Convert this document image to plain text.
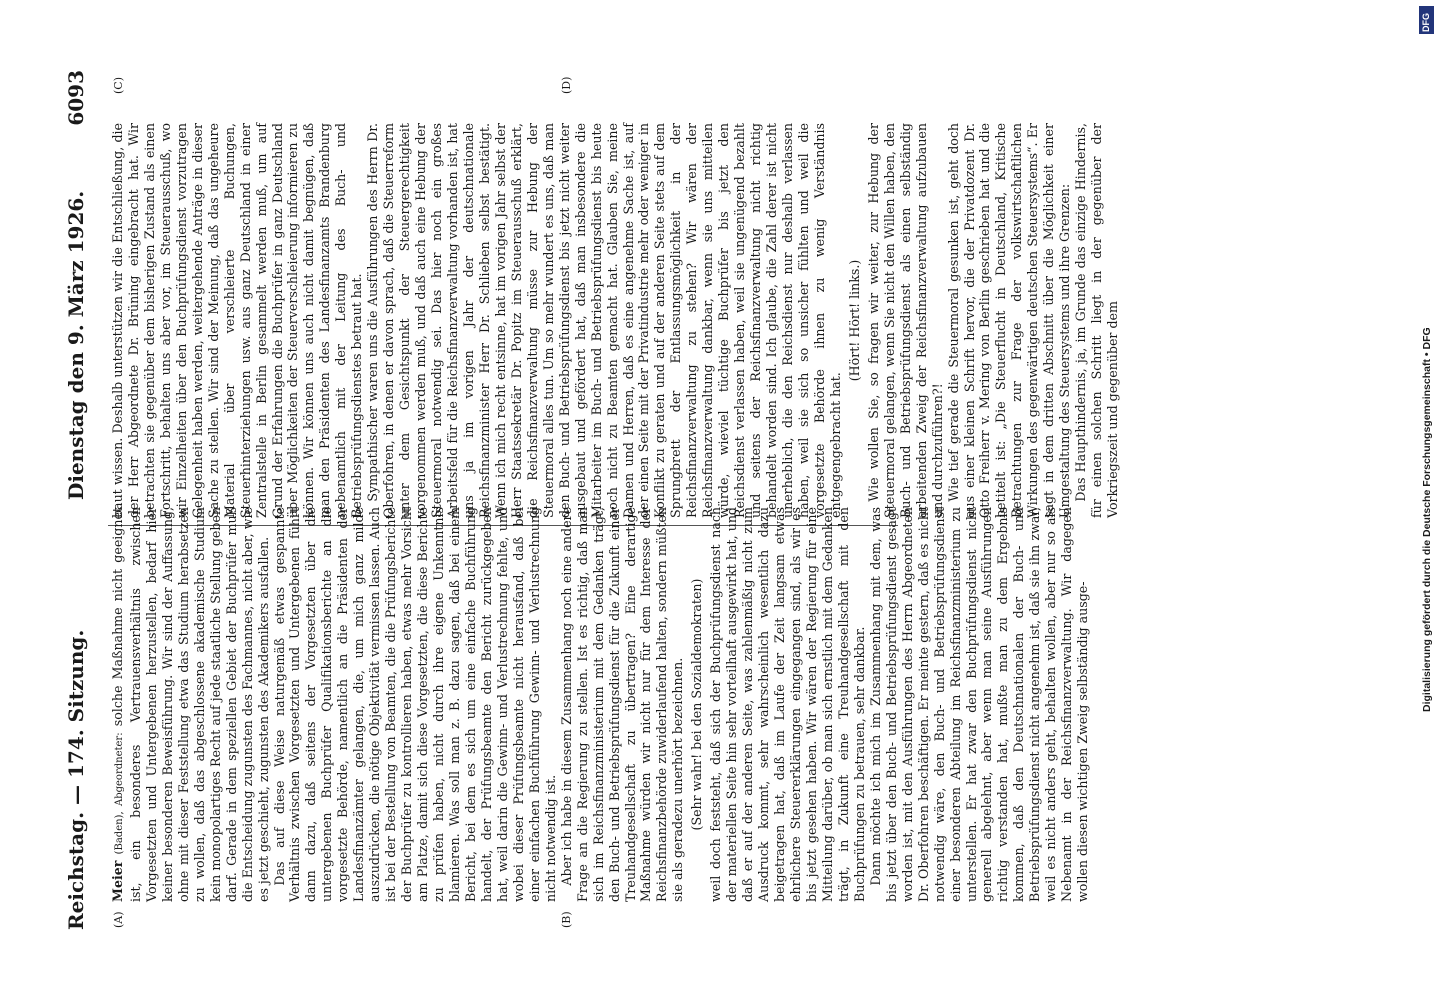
Reichstag. — 174. Sitzung.
Dienstag den 9. März 1926.
6093
(A)	(B)
(C)	(D)

Meier (Baden), Abgeordneter: solche Maßnahme nicht geeignet ist, ein besonderes Vertrauensverhältnis zwischen Vorgesetzten und Untergebenen herzustellen, bedarf hier keiner besonderen Beweisführung. Wir sind der Auffassung, ohne mit dieser Feststellung etwa das Studium herabsetzen zu wollen, daß das abgeschlossene akademische Studium kein monopolartiges Recht auf jede staatliche Stellung geben darf. Gerade in dem speziellen Gebiet der Buchprüfer muß die Entscheidung zugunsten des Fachmannes, nicht aber, wie es jetzt geschieht, zugunsten des Akademikers ausfallen. Das auf diese Weise naturgemäß etwas gespannte Verhältnis zwischen Vorgesetzten und Untergebenen führt dann dazu, daß seitens der Vorgesetzten über die untergebenen Buchprüfer Qualifikationsberichte an die vorgesetzte Behörde, namentlich an die Präsidenten der Landesfinanzämter gelangen, die, um mich ganz milde auszudrücken, die nötige Objektivität vermissen lassen. Auch ist bei der Bestellung von Beamten, die die Prüfungsberichte der Buchprüfer zu kontrollieren haben, etwas mehr Vorsicht am Platze, damit sich diese Vorgesetzten, die diese Berichte zu prüfen haben, nicht durch ihre eigene Unkenntnis blamieren. Was soll man z. B. dazu sagen, daß bei einem Bericht, bei dem es sich um eine einfache Buchführung handelt, der Prüfungsbeamte den Bericht zurückgegeben hat, weil darin die Gewinn- und Verlustrechnung fehlte, und wobei dieser Prüfungsbeamte nicht herausfand, daß bei einer einfachen Buchführung Gewinn- und Verlustrechnung nicht notwendig ist. Aber ich habe in diesem Zusammenhang noch eine andere Frage an die Regierung zu stellen. Ist es richtig, daß man sich im Reichsfinanzministerium mit dem Gedanken trägt, den Buch- und Betriebsprüfungsdienst für die Zukunft einer Treuhandgesellschaft zu übertragen? Eine derartige Maßnahme würden wir nicht nur für dem Interesse der Reichsfinanzbehörde zuwiderlaufend halten, sondern müßten sie als geradezu unerhört bezeichnen. (Sehr wahr! bei den Sozialdemokraten) weil doch feststeht, daß sich der Buchprüfungsdienst nach der materiellen Seite hin sehr vorteilhaft ausgewirkt hat, und daß er auf der anderen Seite, was zahlenmäßig nicht zum Ausdruck kommt, sehr wahrscheinlich wesentlich dazu beigetragen hat, daß im Laufe der Zeit langsam etwas ehrlichere Steuererklärungen eingegangen sind, als wir es bis jetzt gesehen haben. Wir wären der Regierung für eine Mitteilung darüber, ob man sich ernstlich mit dem Gedanken trägt, in Zukunft eine Treuhandgesellschaft mit den Buchprüfungen zu betrauen, sehr dankbar. Dann möchte ich mich im Zusammenhang mit dem, was bis jetzt über den Buch- und Betriebsprüfungsdienst gesagt worden ist, mit den Ausführungen des Herrn Abgeordneten Dr. Oberfohren beschäftigen. Er meinte gestern, daß es nicht notwendig wäre, den Buch- und Betriebsprüfungsdienst einer besonderen Abteilung im Reichsfinanzministerium zu unterstellen. Er hat zwar den Buchprüfungsdienst nicht generell abgelehnt, aber wenn man seine Ausführungen richtig verstanden hat, mußte man zu dem Ergebnis kommen, daß den Deutschnationalen der Buch- und Betriebsprüfungsdienst nicht angenehm ist, daß sie ihn zwar, weil es nicht anders geht, behalten wollen, aber nur so als Nebenamt in der Reichsfinanzverwaltung. Wir dagegen wollen diesen wichtigen Zweig selbständig ausge-

baut wissen. Deshalb unterstützen wir die Entschließung, die der Herr Abgeordnete Dr. Brüning eingebracht hat. Wir betrachten sie gegenüber dem bisherigen Zustand als einen Fortschritt, behalten uns aber vor, im Steuerausschuß, wo wir Einzelheiten über den Buchprüfungsdienst vorzutragen Gelegenheit haben werden, weitergehende Anträge in dieser Sache zu stellen. Wir sind der Meinung, daß das ungeheure Material über verschleierte Buchungen, Steuerhinterziehungen usw. aus ganz Deutschland in einer Zentralstelle in Berlin gesammelt werden muß, um auf Grund der Erfahrungen die Buchprüfer in ganz Deutschland über Möglichkeiten der Steuerverschleierung informieren zu können. Wir können uns auch nicht damit begnügen, daß man den Präsidenten des Landesfinanzamts Brandenburg nebenamtlich mit der Leitung des Buch- und Betriebsprüfungsdienstes betraut hat. Sympathischer waren uns die Ausführungen des Herrn Dr. Oberfohren, in denen er davon sprach, daß die Steuerreform unter dem Gesichtspunkt der Steuergerechtigkeit vorgenommen werden muß, und daß auch eine Hebung der Steuermoral notwendig sei. Das hier noch ein großes Arbeitsfeld für die Reichsfinanzverwaltung vorhanden ist, hat uns ja im vorigen Jahr der deutschnationale Reichsfinanzminister Herr Dr. Schlieben selbst bestätigt. Wenn ich mich recht entsinne, hat im vorigen Jahr selbst der Herr Staatssekretär Dr. Popitz im Steuerausschuß erklärt, die Reichsfinanzverwaltung müsse zur Hebung der Steuermoral alles tun. Um so mehr wundert es uns, daß man den Buch- und Betriebsprüfungsdienst bis jetzt nicht weiter ausgebaut und gefördert hat, daß man insbesondere die Mitarbeiter im Buch- und Betriebsprüfungsdienst bis heute noch nicht zu Beamten gemacht hat. Glauben Sie, meine Damen und Herren, daß es eine angenehme Sache ist, auf der einen Seite mit der Privatindustrie mehr oder weniger in Konflikt zu geraten und auf der anderen Seite stets auf dem Sprungbrett der Entlassungsmöglichkeit in der Reichsfinanzverwaltung zu stehen? Wir wären der Reichsfinanzverwaltung dankbar, wenn sie uns mitteilen würde, wieviel tüchtige Buchprüfer bis jetzt den Reichsdienst verlassen haben, weil sie ungenügend bezahlt und seitens der Reichsfinanzverwaltung nicht richtig behandelt worden sind. Ich glaube, die Zahl derer ist nicht unerheblich, die den Reichsdienst nur deshalb verlassen haben, weil sie sich so unsicher fühlten und weil die vorgesetzte Behörde ihnen zu wenig Verständnis entgegengebracht hat.

(Hört! Hört! links.) Wie wollen Sie, so fragen wir weiter, zur Hebung der Steuermoral gelangen, wenn Sie nicht den Willen haben, den Buch- und Betriebsprüfungsdienst als einen selbständig arbeitenden Zweig der Reichsfinanzverwaltung aufzubauen und durchzuführen?! Wie tief gerade die Steuermoral gesunken ist, geht doch aus einer kleinen Schrift hervor, die der Privatdozent Dr. Otto Freiherr v. Mering von Berlin geschrieben hat und die betitelt ist: „Die Steuerflucht in Deutschland, Kritische Betrachtungen zur Frage der volkswirtschaftlichen Wirkungen des gegenwärtigen deutschen Steuersystems“. Er sagt in dem dritten Abschnitt über die Möglichkeit einer Umgestaltung des Steuersystems und ihre Grenzen: Das Haupthindernis, ja, im Grunde das einzige Hindernis, für einen solchen Schritt liegt in der gegenüber der Vorkriegszeit und gegenüber dem

DFG
Digitalisierung gefördert durch die Deutsche Forschungsgemeinschaft • DFG
